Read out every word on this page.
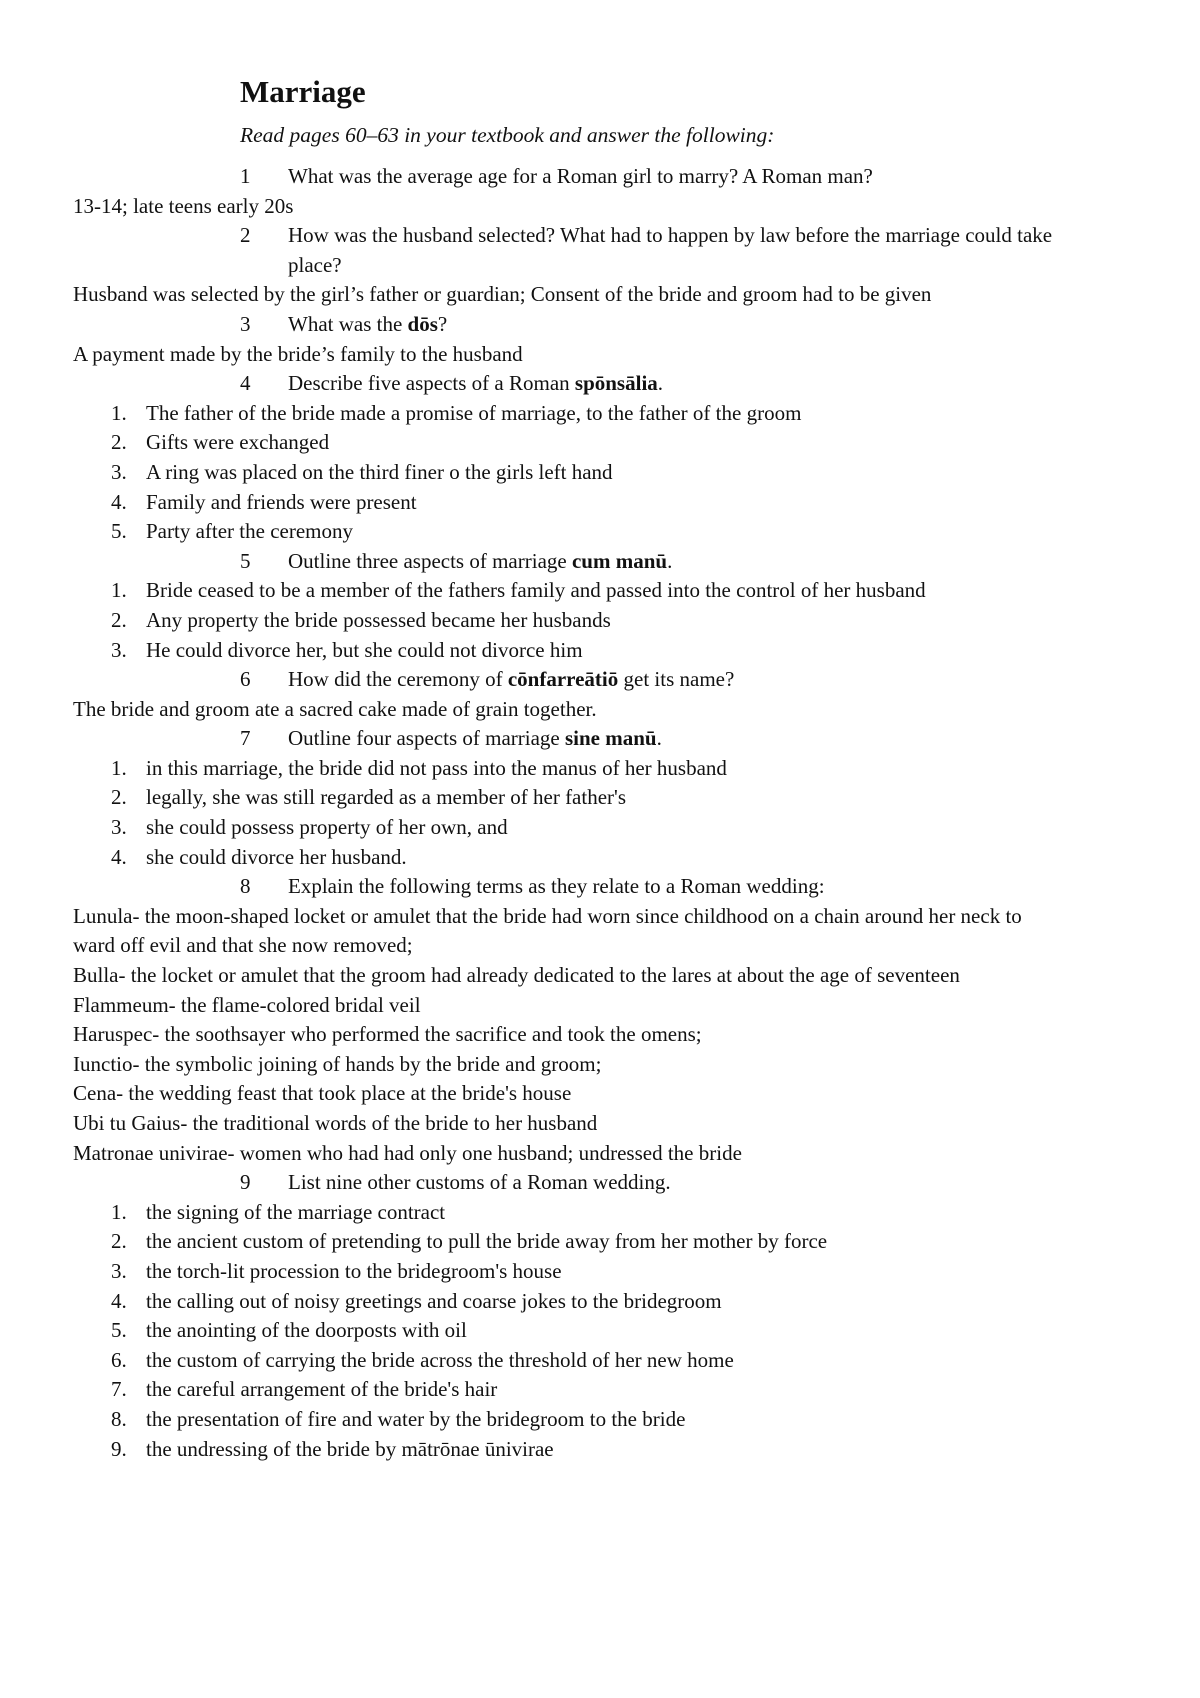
Marriage

Read pages 60–63 in your textbook and answer the following:

1 What was the average age for a Roman girl to marry? A Roman man?
13-14; late teens early 20s
2 How was the husband selected? What had to happen by law before the marriage could take place?
Husband was selected by the girl’s father or guardian; Consent of the bride and groom had to be given
3 What was the dōs?
A payment made by the bride’s family to the husband
4 Describe five aspects of a Roman spōnsālia.
1. The father of the bride made a promise of marriage, to the father of the groom
2. Gifts were exchanged
3. A ring was placed on the third finer o the girls left hand
4. Family and friends were present
5. Party after the ceremony
5 Outline three aspects of marriage cum manū.
1. Bride ceased to be a member of the fathers family and passed into the control of her husband
2. Any property the bride possessed became her husbands
3. He could divorce her, but she could not divorce him
6 How did the ceremony of cōnfarreātiō get its name?
The bride and groom ate a sacred cake made of grain together.
7 Outline four aspects of marriage sine manū.
1. in this marriage, the bride did not pass into the manus of her husband
2. legally, she was still regarded as a member of her father's
3. she could possess property of her own, and
4. she could divorce her husband.
8 Explain the following terms as they relate to a Roman wedding:
Lunula- the moon-shaped locket or amulet that the bride had worn since childhood on a chain around her neck to ward off evil and that she now removed;
Bulla- the locket or amulet that the groom had already dedicated to the lares at about the age of seventeen
Flammeum- the flame-colored bridal veil
Haruspec- the soothsayer who performed the sacrifice and took the omens;
Iunctio- the symbolic joining of hands by the bride and groom;
Cena- the wedding feast that took place at the bride's house
Ubi tu Gaius- the traditional words of the bride to her husband
Matronae univirae- women who had had only one husband; undressed the bride
9 List nine other customs of a Roman wedding.
1. the signing of the marriage contract
2. the ancient custom of pretending to pull the bride away from her mother by force
3. the torch-lit procession to the bridegroom's house
4. the calling out of noisy greetings and coarse jokes to the bridegroom
5. the anointing of the doorposts with oil
6. the custom of carrying the bride across the threshold of her new home
7. the careful arrangement of the bride's hair
8. the presentation of fire and water by the bridegroom to the bride
9. the undressing of the bride by mātrōnae ūnivirae
